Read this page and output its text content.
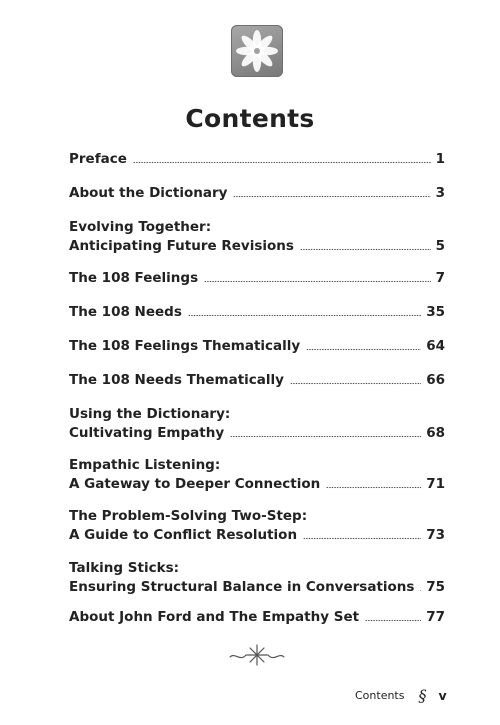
Contents
Preface	1
About the Dictionary	3
Evolving Together:
Anticipating Future Revisions	5
The 108 Feelings	7
The 108 Needs	35
The 108 Feelings Thematically	64
The 108 Needs Thematically	66
Using the Dictionary:
Cultivating Empathy	68
Empathic Listening:
A Gateway to Deeper Connection	71
The Problem-Solving Two-Step:
A Guide to Conflict Resolution	73
Talking Sticks:
Ensuring Structural Balance in Conversations 75
About John Ford and The Empathy Set	77
Contents § v
